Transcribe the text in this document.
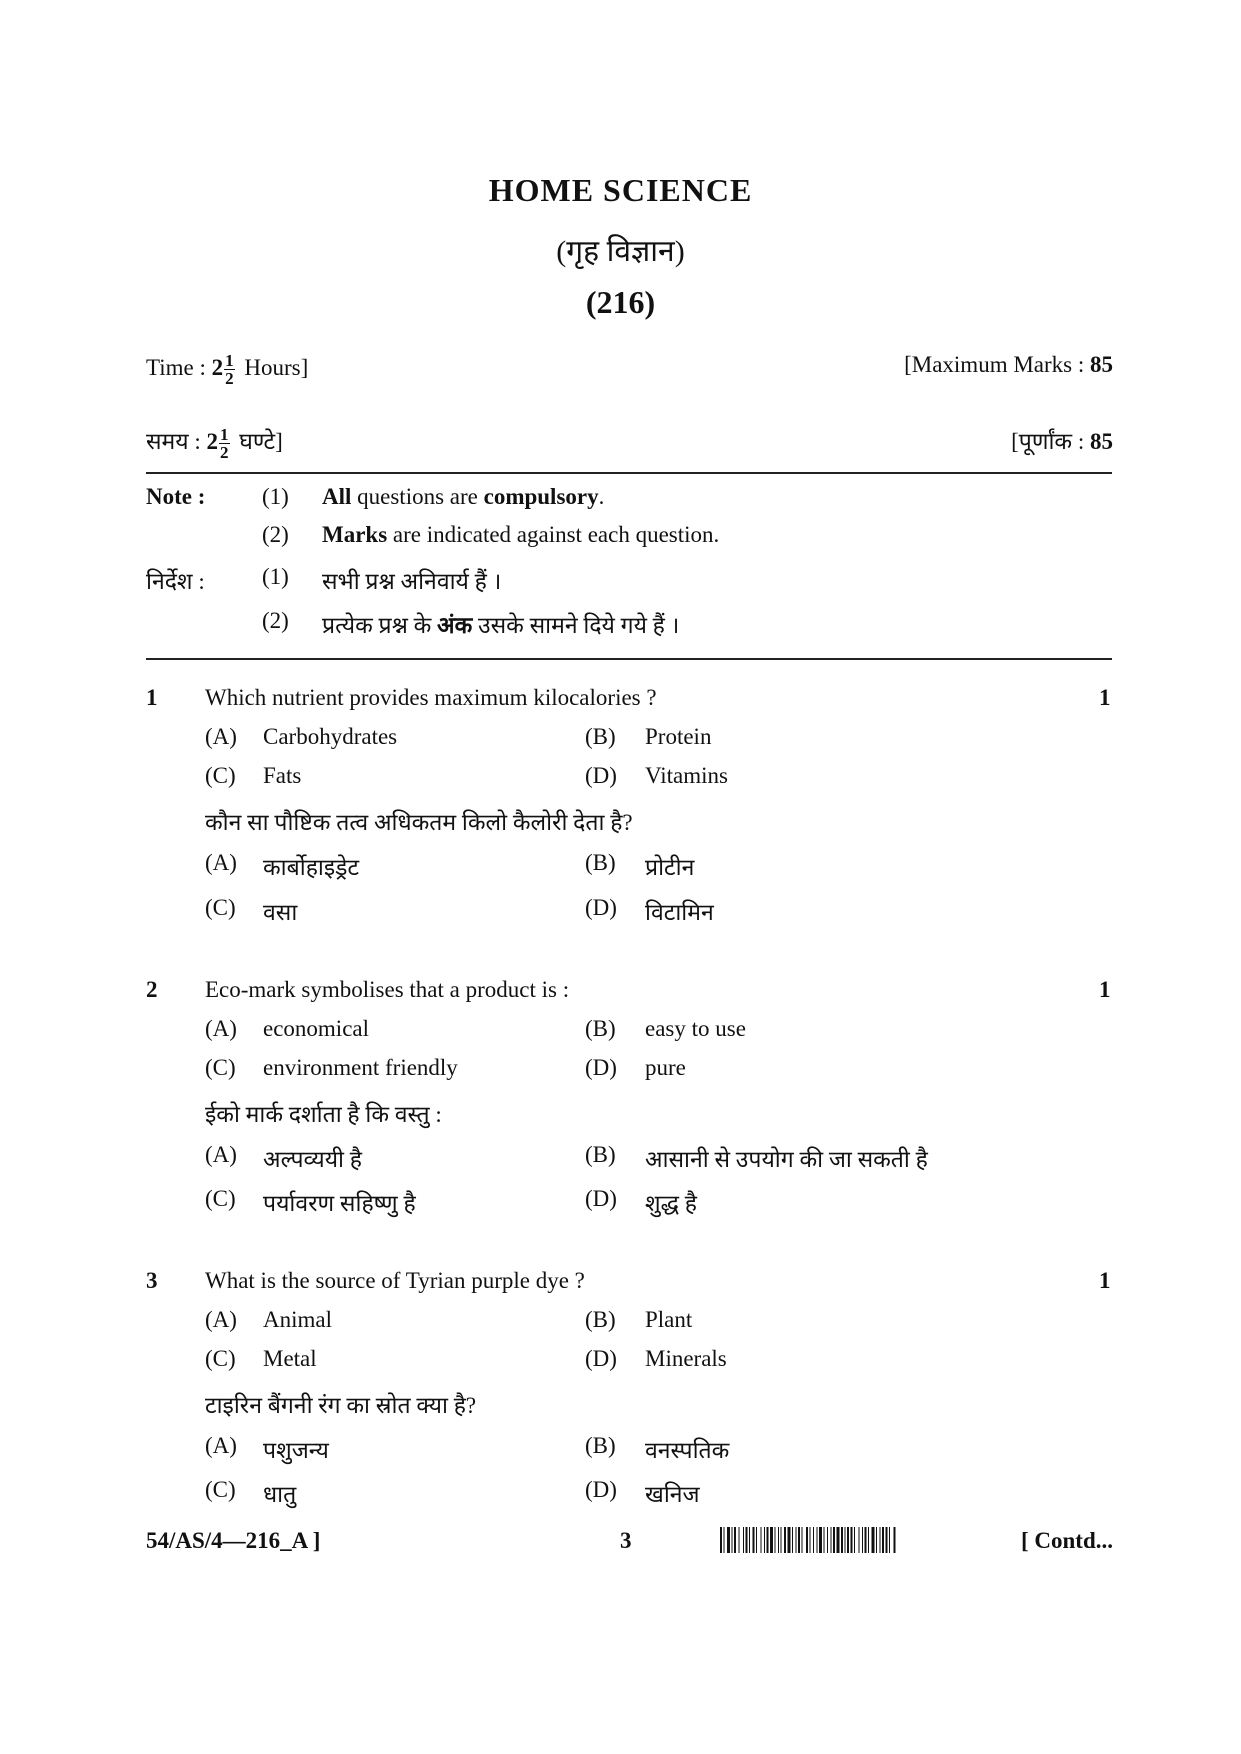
HOME SCIENCE
(गृह विज्ञान)
(216)
Time : $2 \frac{1}{2}$ Hours]	[Maximum Marks : 85
समय : $2 \frac{1}{2}$ घण्टे]	[पूर्णांक : 85
Note : (1) All questions are compulsory.
(2) Marks are indicated against each question.
निर्देश : (1) सभी प्रश्न अनिवार्य हैं ।
(2) प्रत्येक प्रश्न के अंक उसके सामने दिये गये हैं ।
1 Which nutrient provides maximum kilocalories ?	1
(A) Carbohydrates	(B) Protein
(C) Fats	(D) Vitamins
कौन सा पौष्टिक तत्व अधिकतम किलो कैलोरी देता है?
(A) कार्बोहाइड्रेट	(B) प्रोटीन
(C) वसा	(D) विटामिन
2 Eco-mark symbolises that a product is :	1
(A) economical	(B) easy to use
(C) environment friendly	(D) pure
ईको मार्क दर्शाता है कि वस्तु :
(A) अल्पव्ययी है	(B) आसानी से उपयोग की जा सकती है
(C) पर्यावरण सहिष्णु है	(D) शुद्ध है
3 What is the source of Tyrian purple dye ?	1
(A) Animal	(B) Plant
(C) Metal	(D) Minerals
टाइरिन बैंगनी रंग का स्रोत क्या है?
(A) पशुजन्य	(B) वनस्पतिक
(C) धातु	(D) खनिज
54/AS/4—216_A ]	3	[ Contd...
